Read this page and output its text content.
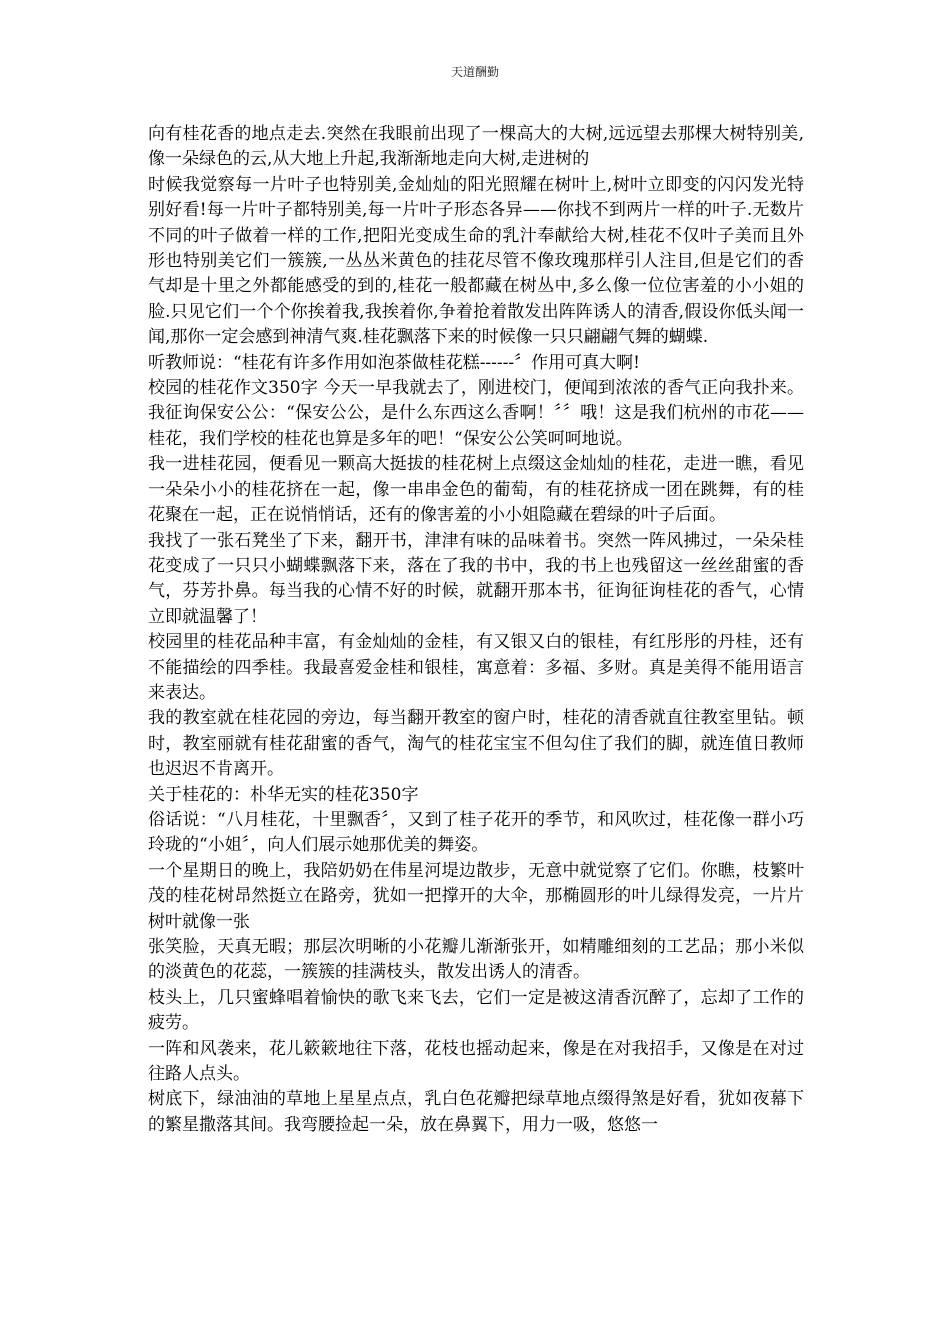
天道酬勤

向有桂花香的地点走去.突然在我眼前出现了一棵高大的大树,远远望去那棵大树特别美,像一朵绿色的云,从大地上升起,我渐渐地走向大树,走进树的

时候我觉察每一片叶子也特别美,金灿灿的阳光照耀在树叶上,树叶立即变的闪闪发光特别好看!每一片叶子都特别美,每一片叶子形态各异——你找不到两片一样的叶子.无数片不同的叶子做着一样的工作,把阳光变成生命的乳汁奉献给大树,桂花不仅叶子美而且外形也特别美它们一簇簇,一丛丛米黄色的挂花尽管不像玫瑰那样引人注目,但是它们的香气却是十里之外都能感受的到的,桂花一般都藏在树丛中,多么像一位位害羞的小小姐的脸.只见它们一个个你挨着我,我挨着你,争着抢着散发出阵阵诱人的清香,假设你低头闻一闻,那你一定会感到神清气爽.桂花飘落下来的时候像一只只翩翩气舞的蝴蝶.

听教师说：“桂花有许多作用如泡茶做桂花糕------〞作用可真大啊!

校园的桂花作文350字 今天一早我就去了，刚进校门，便闻到浓浓的香气正向我扑来。我征询保安公公：“保安公公，是什么东西这么香啊！〞〞哦！这是我们杭州的市花——桂花，我们学校的桂花也算是多年的吧！“保安公公笑呵呵地说。

我一进桂花园，便看见一颗高大挺拔的桂花树上点缀这金灿灿的桂花，走进一瞧，看见一朵朵小小的桂花挤在一起，像一串串金色的葡萄，有的桂花挤成一团在跳舞，有的桂花聚在一起，正在说悄悄话，还有的像害羞的小小姐隐藏在碧绿的叶子后面。

我找了一张石凳坐了下来，翻开书，津津有味的品味着书。突然一阵风拂过，一朵朵桂花变成了一只只小蝴蝶飘落下来，落在了我的书中，我的书上也残留这一丝丝甜蜜的香气，芬芳扑鼻。每当我的心情不好的时候，就翻开那本书，征询征询桂花的香气，心情立即就温馨了！

校园里的桂花品种丰富，有金灿灿的金桂，有又银又白的银桂，有红彤彤的丹桂，还有不能描绘的四季桂。我最喜爱金桂和银桂，寓意着：多福、多财。真是美得不能用语言来表达。

我的教室就在桂花园的旁边，每当翻开教室的窗户时，桂花的清香就直往教室里钻。顿时，教室丽就有桂花甜蜜的香气，淘气的桂花宝宝不但勾住了我们的脚，就连值日教师也迟迟不肯离开。

关于桂花的：朴华无实的桂花350字

俗话说：“八月桂花，十里飘香〞，又到了桂子花开的季节，和风吹过，桂花像一群小巧玲珑的“小姐〞，向人们展示她那优美的舞姿。

一个星期日的晚上，我陪奶奶在伟星河堤边散步，无意中就觉察了它们。你瞧，枝繁叶茂的桂花树昂然挺立在路旁，犹如一把撑开的大伞，那椭圆形的叶儿绿得发亮，一片片树叶就像一张

张笑脸，天真无暇；那层次明晰的小花瓣儿渐渐张开，如精雕细刻的工艺品；那小米似的淡黄色的花蕊，一簇簇的挂满枝头，散发出诱人的清香。

枝头上，几只蜜蜂唱着愉快的歌飞来飞去，它们一定是被这清香沉醉了，忘却了工作的疲劳。

一阵和风袭来，花儿簌簌地往下落，花枝也摇动起来，像是在对我招手，又像是在对过往路人点头。

树底下，绿油油的草地上星星点点，乳白色花瓣把绿草地点缀得煞是好看，犹如夜幕下的繁星撒落其间。我弯腰捡起一朵，放在鼻翼下，用力一吸，悠悠一
